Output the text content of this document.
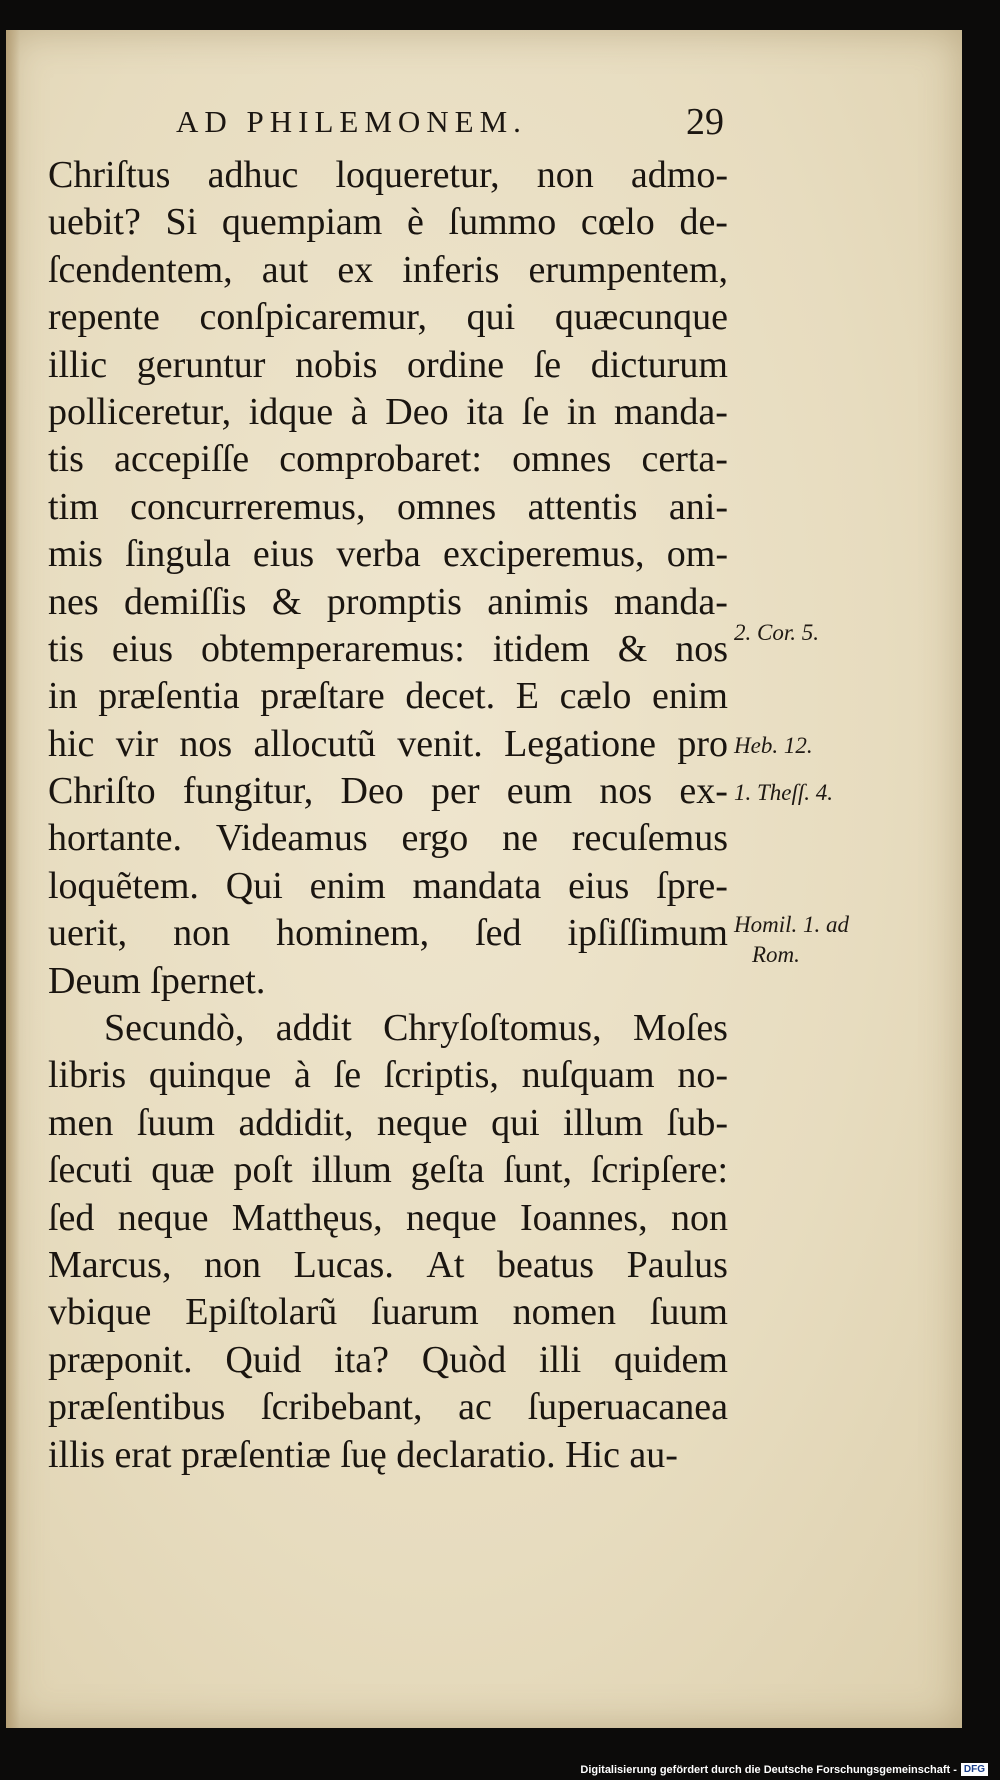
AD PHILEMONEM.	29
Chriſtus adhuc loqueretur, non admo-
uebit? Si quempiam è ſummo cœlo de-
ſcendentem, aut ex inferis erumpentem,
repente conſpicaremur, qui quæcunque
illic geruntur nobis ordine ſe dicturum
polliceretur, idque à Deo ita ſe in manda-
tis accepiſſe comprobaret: omnes certa-
tim concurreremus, omnes attentis ani-
mis ſingula eius verba exciperemus, om-
nes demiſſis & promptis animis manda-
tis eius obtemperaremus: itidem & nos
in præſentia præſtare decet. E cælo enim
hic vir nos allocutũ venit. Legatione pro
Chriſto fungitur, Deo per eum nos ex-
hortante. Videamus ergo ne recuſemus
loquẽtem. Qui enim mandata eius ſpre-
uerit, non hominem, ſed ipſiſſimum
Deum ſpernet.
Secundò, addit Chryſoſtomus, Moſes
libris quinque à ſe ſcriptis, nuſquam no-
men ſuum addidit, neque qui illum ſub-
ſecuti quæ poſt illum geſta ſunt, ſcripſere:
ſed neque Matthęus, neque Ioannes, non
Marcus, non Lucas. At beatus Paulus
vbique Epiſtolarũ ſuarum nomen ſuum
præponit. Quid ita? Quòd illi quidem
præſentibus ſcribebant, ac ſuperuacanea
illis erat præſentiæ ſuę declaratio. Hic au-
2. Cor. 5.
Heb. 12.
1. Theſſ. 4.
Homil. 1. ad
Rom.
Digitalisierung gefördert durch die Deutsche Forschungsgemeinschaft - DFG
